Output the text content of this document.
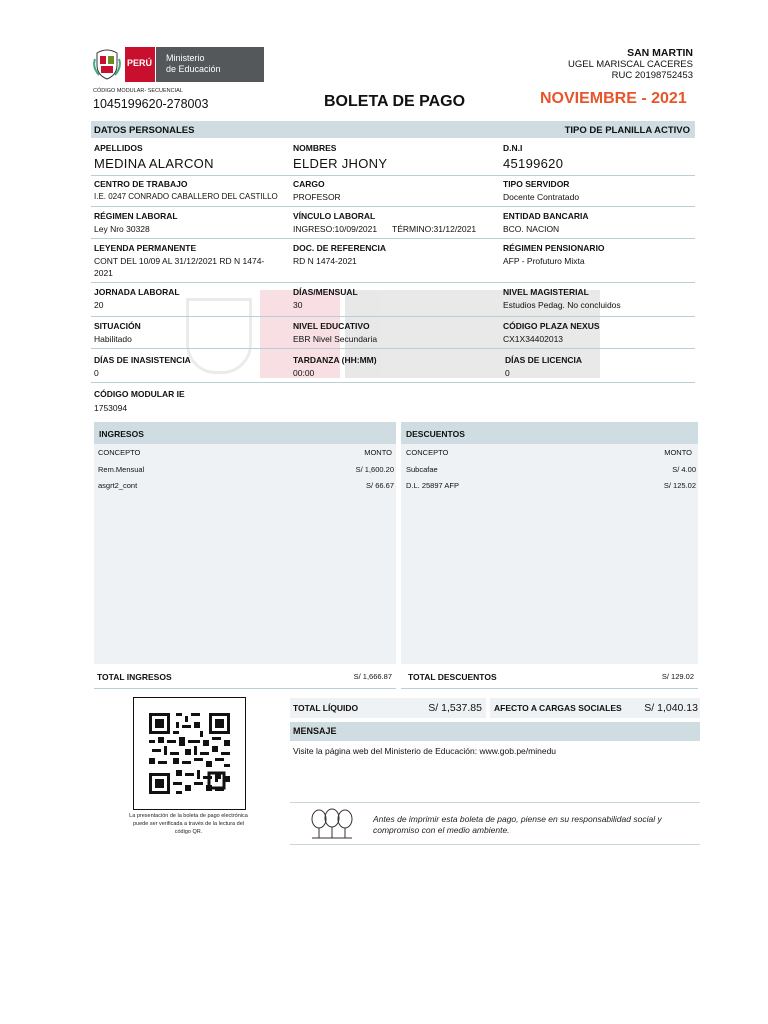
PERÚ Ministerio
de Educación
CÓDIGO MODULAR- SECUENCIAL
1045199620-278003	BOLETA DE PAGO	NOVIEMBRE - 2021
SAN MARTIN
UGEL MARISCAL CACERES
RUC 20198752453
DATOS PERSONALES	TIPO DE PLANILLA ACTIVO
APELLIDOS
MEDINA ALARCON
NOMBRES
ELDER JHONY
D.N.I
45199620
CENTRO DE TRABAJO
I.E. 0247 CONRADO CABALLERO DEL CASTILLO
CARGO
PROFESOR
TIPO SERVIDOR
Docente Contratado
RÉGIMEN LABORAL
Ley Nro 30328
VÍNCULO LABORAL
INGRESO:10/09/2021 TÉRMINO:31/12/2021
ENTIDAD BANCARIA
BCO. NACION
LEYENDA PERMANENTE
CONT DEL 10/09 AL 31/12/2021 RD N 1474-
2021
DOC. DE REFERENCIA
RD N 1474-2021
RÉGIMEN PENSIONARIO
AFP - Profuturo Mixta
JORNADA LABORAL
20
DÍAS/MENSUAL
30
NIVEL MAGISTERIAL
Estudios Pedag. No concluidos
SITUACIÓN
Habilitado
NIVEL EDUCATIVO
EBR Nivel Secundaria
CÓDIGO PLAZA NEXUS
CX1X34402013
DÍAS DE INASISTENCIA
0
TARDANZA (HH:MM)
00:00
DÍAS DE LICENCIA
0
CÓDIGO MODULAR IE
1753094
INGRESOS
CONCEPTO	MONTO
Rem.Mensual	S/ 1,600.20
asgrt2_cont	S/ 66.67
TOTAL INGRESOS	S/ 1,666.87
DESCUENTOS
CONCEPTO	MONTO
Subcafae	S/ 4.00
D.L. 25897 AFP	S/ 125.02
TOTAL DESCUENTOS	S/ 129.02
La presentación de la boleta de pago electrónica
puede ser verificada a través de la lectura del
código QR.
TOTAL LÍQUIDO	S/ 1,537.85 AFECTO A CARGAS SOCIALES S/ 1,040.13
MENSAJE
Visite la página web del Ministerio de Educación: www.gob.pe/minedu
Antes de imprimir esta boleta de pago, piense en su responsabilidad social y
compromiso con el medio ambiente.
